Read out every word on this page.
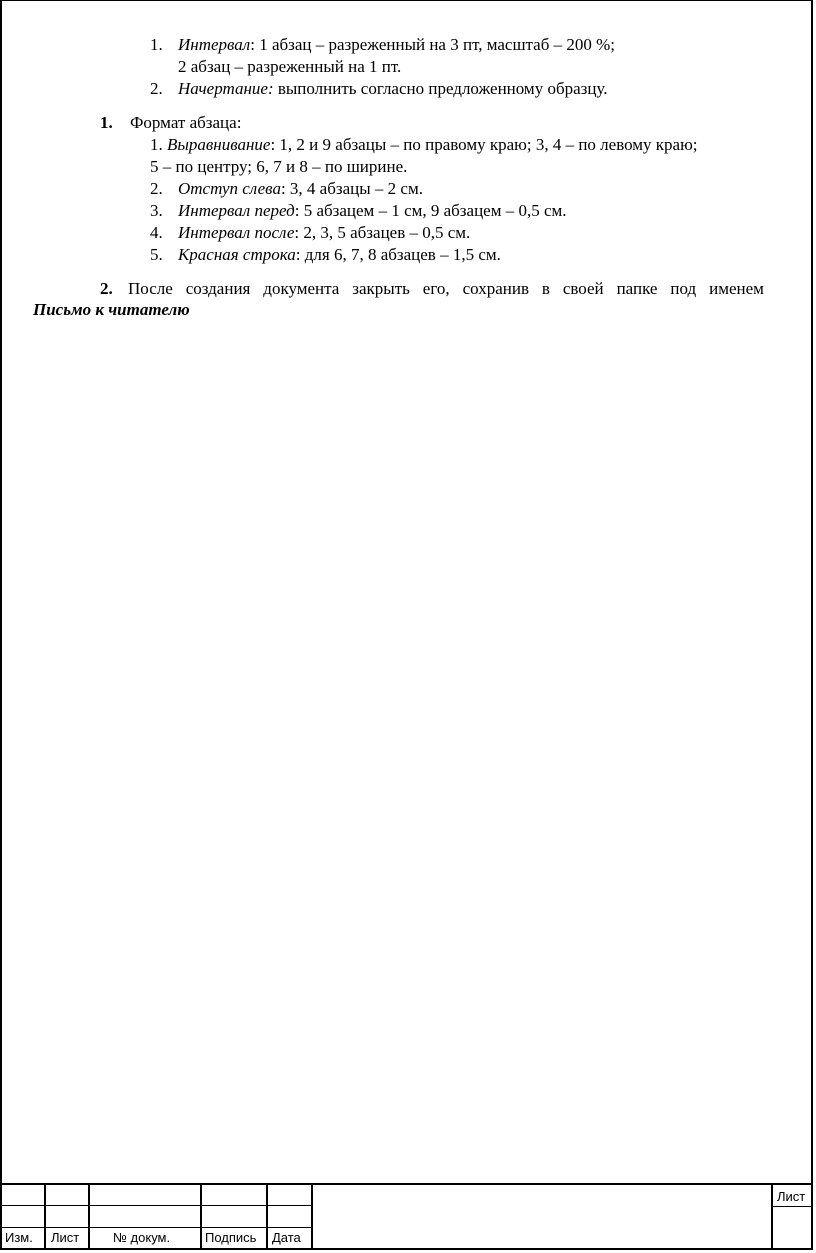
1. Интервал: 1 абзац – разреженный на 3 пт, масштаб – 200 %;
2 абзац – разреженный на 1 пт.
2. Начертание: выполнить согласно предложенному образцу.
1. Формат абзаца:
1. Выравнивание: 1, 2 и 9 абзацы – по правому краю; 3, 4 – по левому краю;
5 – по центру; 6, 7 и 8 – по ширине.
2. Отступ слева: 3, 4 абзацы – 2 см.
3. Интервал перед: 5 абзацем – 1 см, 9 абзацем – 0,5 см.
4. Интервал после: 2, 3, 5 абзацев – 0,5 см.
5. Красная строка: для 6, 7, 8 абзацев – 1,5 см.
2. После создания документа закрыть его, сохранив в своей папке под именем
Письмо к читателю
Изм. Лист	№ докум.	Подпись Дата
Лист
